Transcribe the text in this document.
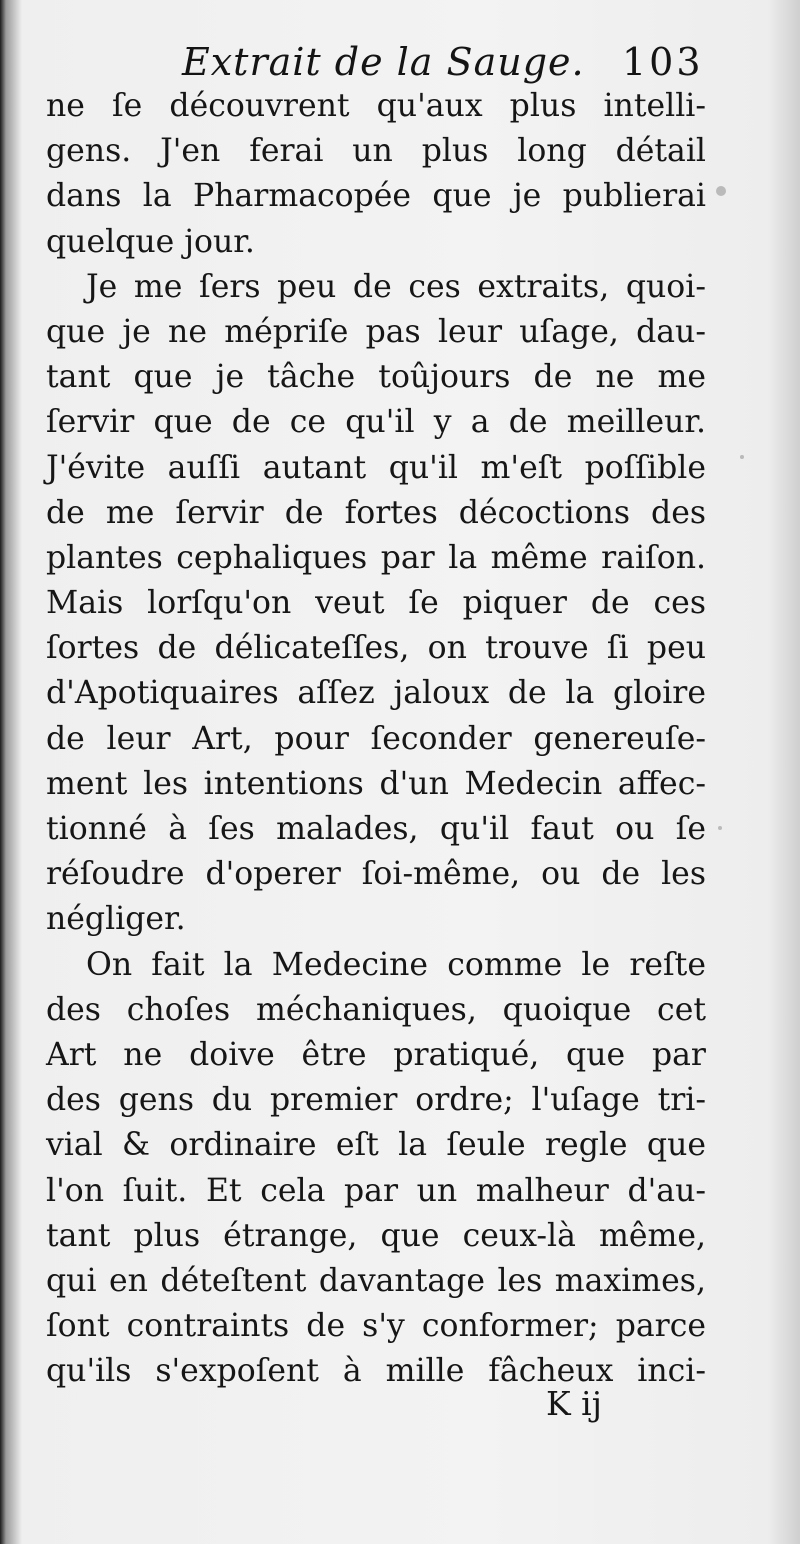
Extrait de la Sauge. 103
ne ſe découvrent qu'aux plus intelli-
gens. J'en ferai un plus long détail
dans la Pharmacopée que je publierai
quelque jour.
Je me ſers peu de ces extraits, quoi-
que je ne mépriſe pas leur uſage, dau-
tant que je tâche toûjours de ne me
ſervir que de ce qu'il y a de meilleur.
J'évite auſſi autant qu'il m'eſt poſſible
de me ſervir de fortes décoctions des
plantes cephaliques par la même raiſon.
Mais lorſqu'on veut ſe piquer de ces
ſortes de délicateſſes, on trouve ſi peu
d'Apotiquaires aſſez jaloux de la gloire
de leur Art, pour ſeconder genereuſe-
ment les intentions d'un Medecin affec-
tionné à ſes malades, qu'il faut ou ſe
réſoudre d'operer ſoi-même, ou de les
négliger.
On fait la Medecine comme le reſte
des choſes méchaniques, quoique cet
Art ne doive être pratiqué, que par
des gens du premier ordre; l'uſage tri-
vial & ordinaire eſt la ſeule regle que
l'on ſuit. Et cela par un malheur d'au-
tant plus étrange, que ceux-là même,
qui en déteſtent davantage les maximes,
ſont contraints de s'y conformer; parce
qu'ils s'expoſent à mille fâcheux inci-
K ij
